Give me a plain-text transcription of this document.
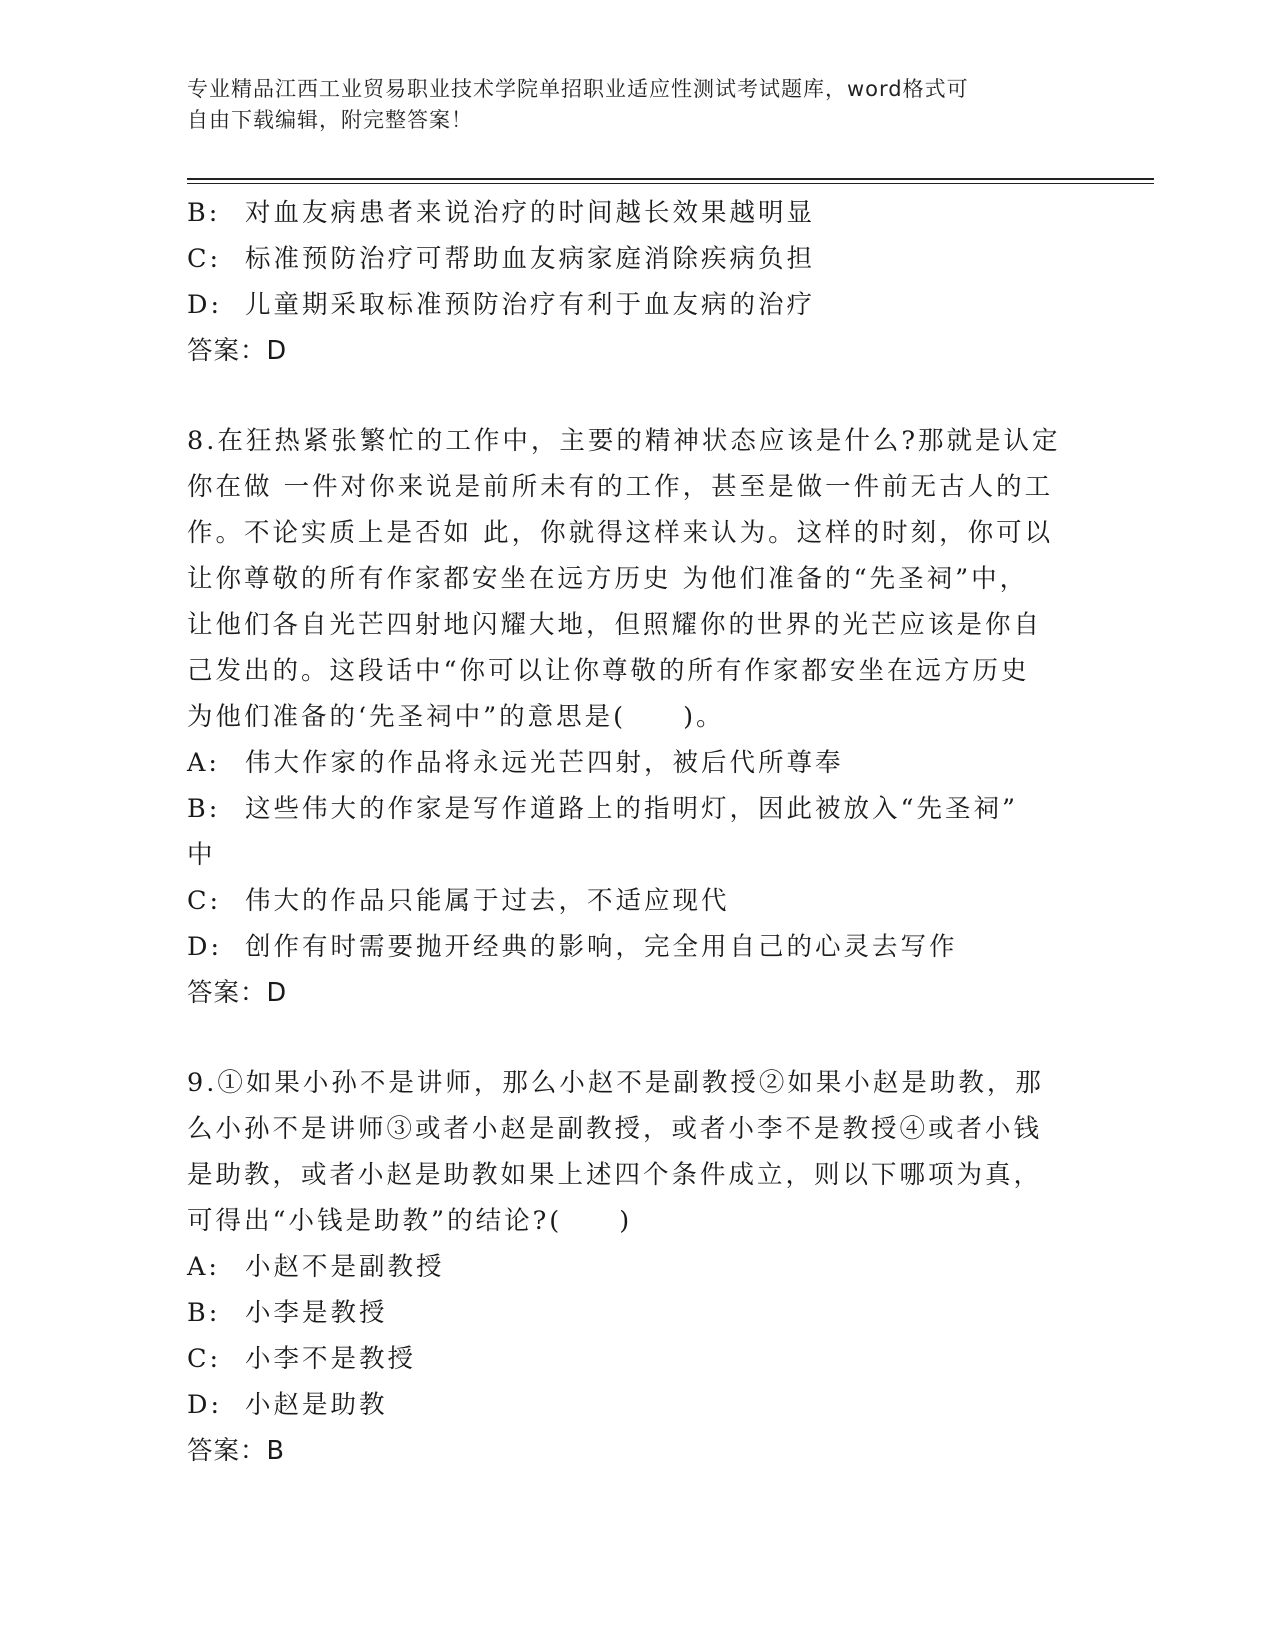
专业精品江西工业贸易职业技术学院单招职业适应性测试考试题库，word格式可
自由下载编辑，附完整答案！
B: 对血友病患者来说治疗的时间越长效果越明显
C: 标准预防治疗可帮助血友病家庭消除疾病负担
D: 儿童期采取标准预防治疗有利于血友病的治疗
答案：D
8.在狂热紧张繁忙的工作中，主要的精神状态应该是什么?那就是认定
你在做 一件对你来说是前所未有的工作，甚至是做一件前无古人的工
作。不论实质上是否如 此，你就得这样来认为。这样的时刻，你可以
让你尊敬的所有作家都安坐在远方历史 为他们准备的“先圣祠”中，
让他们各自光芒四射地闪耀大地，但照耀你的世界的光芒应该是你自
己发出的。这段话中“你可以让你尊敬的所有作家都安坐在远方历史
为他们准备的‘先圣祠中”的意思是(　　)。
A: 伟大作家的作品将永远光芒四射，被后代所尊奉
B: 这些伟大的作家是写作道路上的指明灯，因此被放入“先圣祠”
中
C: 伟大的作品只能属于过去，不适应现代
D: 创作有时需要抛开经典的影响，完全用自己的心灵去写作
答案：D
9.①如果小孙不是讲师，那么小赵不是副教授②如果小赵是助教，那
么小孙不是讲师③或者小赵是副教授，或者小李不是教授④或者小钱
是助教，或者小赵是助教如果上述四个条件成立，则以下哪项为真，
可得出“小钱是助教”的结论?(　　)
A: 小赵不是副教授
B: 小李是教授
C: 小李不是教授
D: 小赵是助教
答案：B
